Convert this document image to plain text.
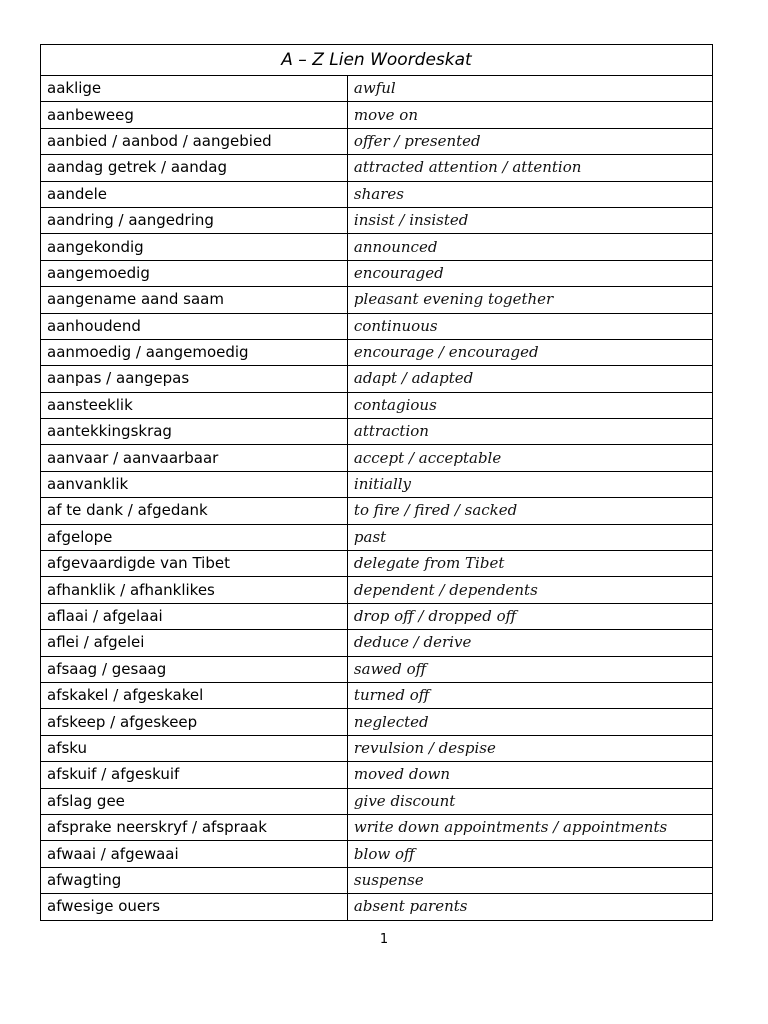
A – Z Lien Woordeskat	
aaklige	awful
aanbeweeg	move on
aanbied / aanbod / aangebied	offer / presented
aandag getrek / aandag	attracted attention / attention
aandele	shares
aandring / aangedring	insist / insisted
aangekondig	announced
aangemoedig	encouraged
aangename aand saam	pleasant evening together
aanhoudend	continuous
aanmoedig / aangemoedig	encourage / encouraged
aanpas / aangepas	adapt / adapted
aansteeklik	contagious
aantekkingskrag	attraction
aanvaar / aanvaarbaar	accept / acceptable
aanvanklik	initially
af te dank / afgedank	to fire / fired / sacked
afgelope	past
afgevaardigde van Tibet	delegate from Tibet
afhanklik / afhanklikes	dependent / dependents
aflaai / afgelaai	drop off / dropped off
aflei / afgelei	deduce / derive
afsaag / gesaag	sawed off
afskakel / afgeskakel	turned off
afskeep / afgeskeep	neglected
afsku	revulsion / despise
afskuif / afgeskuif	moved down
afslag gee	give discount
afsprake neerskryf / afspraak	write down appointments / appointments
afwaai / afgewaai	blow off
afwagting	suspense
afwesige ouers	absent parents
1
